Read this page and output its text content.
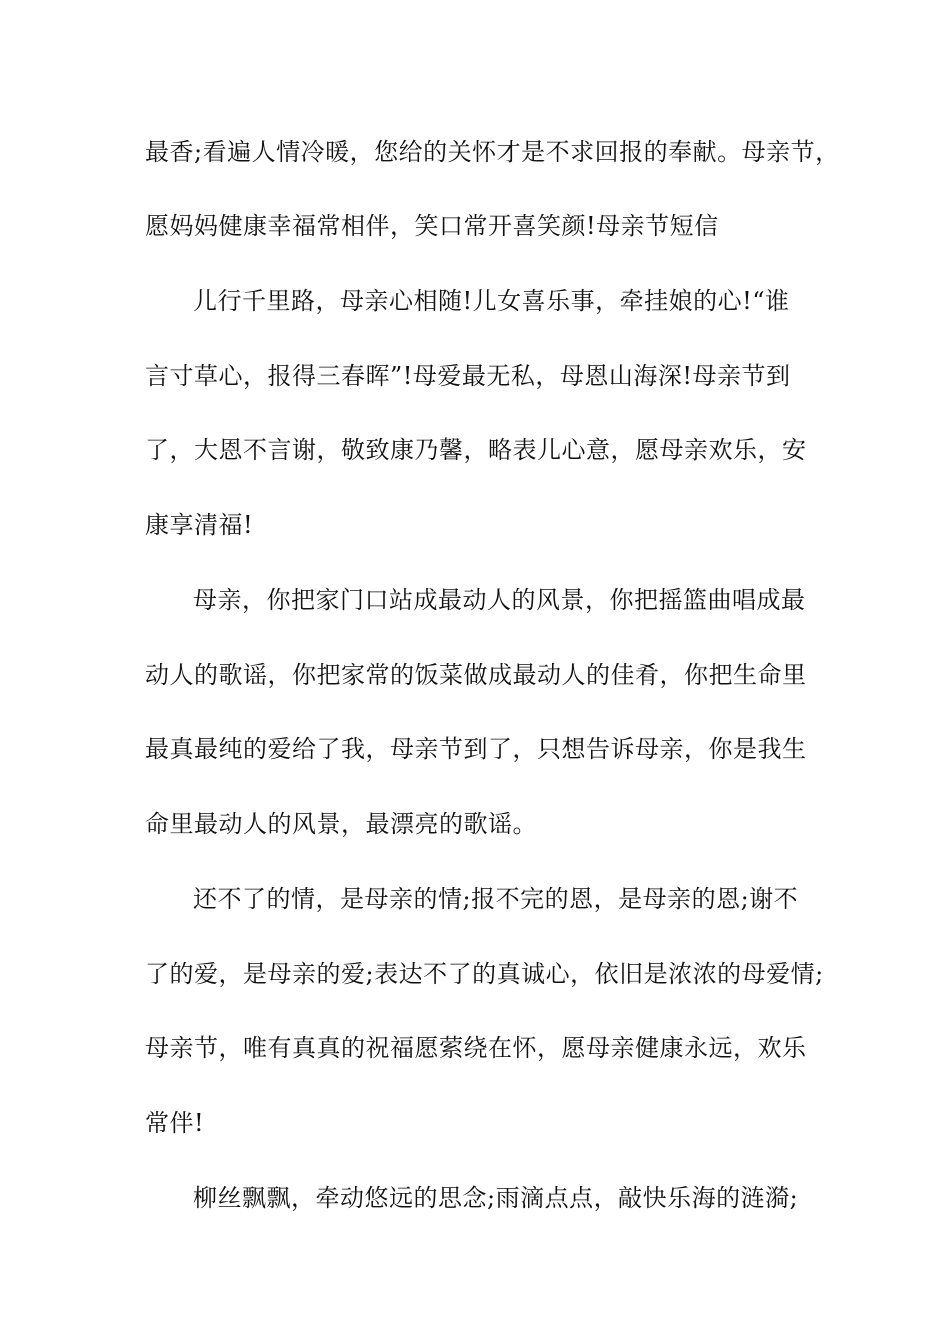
最香;看遍人情冷暖，您给的关怀才是不求回报的奉献。母亲节，
愿妈妈健康幸福常相伴，笑口常开喜笑颜!母亲节短信
儿行千里路，母亲心相随!儿女喜乐事，牵挂娘的心!“谁
言寸草心，报得三春晖”!母爱最无私，母恩山海深!母亲节到
了，大恩不言谢，敬致康乃馨，略表儿心意，愿母亲欢乐，安
康享清福!
母亲，你把家门口站成最动人的风景，你把摇篮曲唱成最
动人的歌谣，你把家常的饭菜做成最动人的佳肴，你把生命里
最真最纯的爱给了我，母亲节到了，只想告诉母亲，你是我生
命里最动人的风景，最漂亮的歌谣。
还不了的情，是母亲的情;报不完的恩，是母亲的恩;谢不
了的爱，是母亲的爱;表达不了的真诚心，依旧是浓浓的母爱情;
母亲节，唯有真真的祝福愿萦绕在怀，愿母亲健康永远，欢乐
常伴!
柳丝飘飘，牵动悠远的思念;雨滴点点，敲快乐海的涟漪;
